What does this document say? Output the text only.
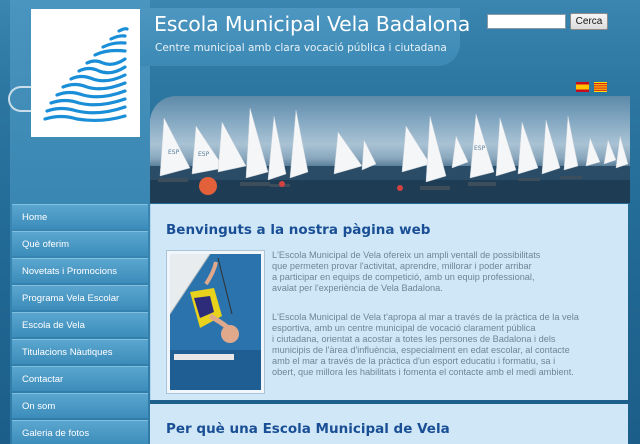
Escola Municipal Vela Badalona
Centre municipal amb clara vocació pública i ciutadana
Cerca
ESP	ESP
ESP
Home
Què oferim
Novetats i Promocions
Programa Vela Escolar
Escola de Vela
Titulacions Nàutiques
Contactar
On som
Galeria de fotos
Benvinguts a la nostra pàgina web
L'Escola Municipal de Vela ofereix un ampli ventall de possibilitats
que permeten provar l'activitat, aprendre, millorar i poder arribar
a participar en equips de competició, amb un equip professional,
avalat per l'experiència de Vela Badalona.
L'Escola Municipal de Vela t'apropa al mar a través de la pràctica de la vela
esportiva, amb un centre municipal de vocació clarament pública
i ciutadana, orientat a acostar a totes les persones de Badalona i dels
municipis de l'àrea d'influència, especialment en edat escolar, al contacte
amb el mar a través de la pràctica d'un esport educatiu i formatiu, sa i
obert, que millora les habilitats i fomenta el contacte amb el medi ambient.
Per què una Escola Municipal de Vela
